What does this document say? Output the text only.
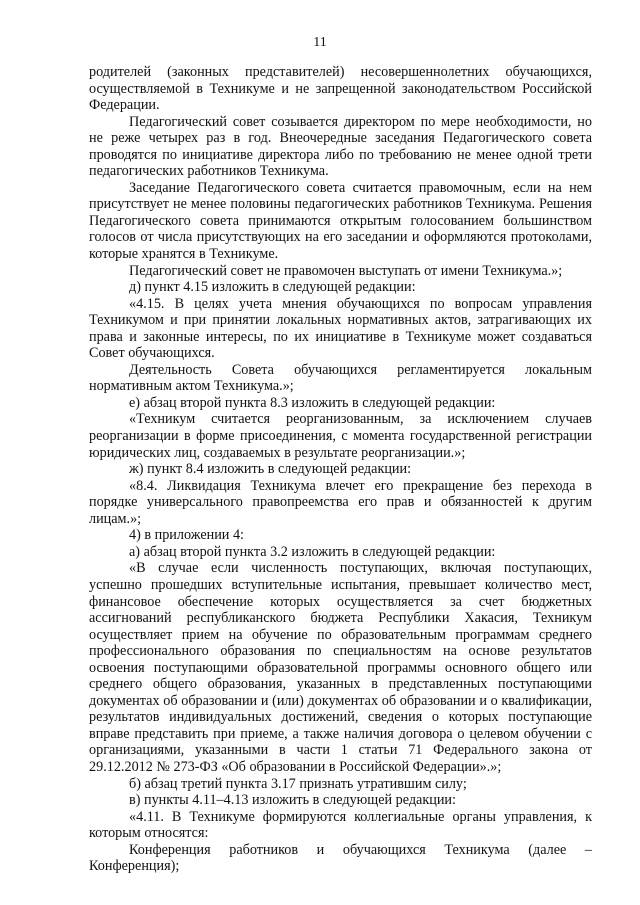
11

родителей (законных представителей) несовершеннолетних обучающихся, осуществляемой в Техникуме и не запрещенной законодательством Российской Федерации.

Педагогический совет созывается директором по мере необходимости, но не реже четырех раз в год. Внеочередные заседания Педагогического совета проводятся по инициативе директора либо по требованию не менее одной трети педагогических работников Техникума.

Заседание Педагогического совета считается правомочным, если на нем присутствует не менее половины педагогических работников Техникума. Решения Педагогического совета принимаются открытым голосованием большинством голосов от числа присутствующих на его заседании и оформляются протоколами, которые хранятся в Техникуме.

Педагогический совет не правомочен выступать от имени Техникума.»;

д) пункт 4.15 изложить в следующей редакции:

«4.15. В целях учета мнения обучающихся по вопросам управления Техникумом и при принятии локальных нормативных актов, затрагивающих их права и законные интересы, по их инициативе в Техникуме может создаваться Совет обучающихся.

Деятельность Совета обучающихся регламентируется локальным нормативным актом Техникума.»;

е) абзац второй пункта 8.3 изложить в следующей редакции:

«Техникум считается реорганизованным, за исключением случаев реорганизации в форме присоединения, с момента государственной регистрации юридических лиц, создаваемых в результате реорганизации.»;

ж) пункт 8.4 изложить в следующей редакции:

«8.4. Ликвидация Техникума влечет его прекращение без перехода в порядке универсального правопреемства его прав и обязанностей к другим лицам.»;

4) в приложении 4:

а) абзац второй пункта 3.2 изложить в следующей редакции:

«В случае если численность поступающих, включая поступающих, успешно прошедших вступительные испытания, превышает количество мест, финансовое обеспечение которых осуществляется за счет бюджетных ассигнований республиканского бюджета Республики Хакасия, Техникум осуществляет прием на обучение по образовательным программам среднего профессионального образования по специальностям на основе результатов освоения поступающими образовательной программы основного общего или среднего общего образования, указанных в представленных поступающими документах об образовании и (или) документах об образовании и о квалификации, результатов индивидуальных достижений, сведения о которых поступающие вправе представить при приеме, а также наличия договора о целевом обучении с организациями, указанными в части 1 статьи 71 Федерального закона от 29.12.2012 № 273-ФЗ «Об образовании в Российской Федерации».»;

б) абзац третий пункта 3.17 признать утратившим силу;

в) пункты 4.11–4.13 изложить в следующей редакции:

«4.11. В Техникуме формируются коллегиальные органы управления, к которым относятся:

Конференция работников и обучающихся Техникума (далее – Конференция);
